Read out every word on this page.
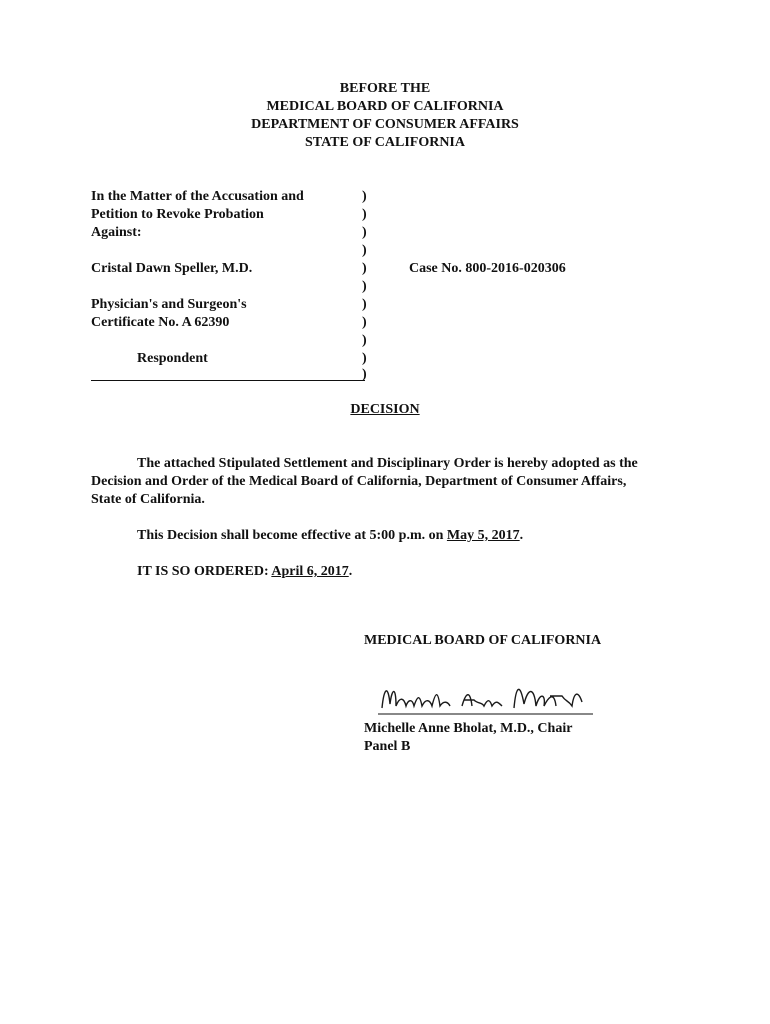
BEFORE THE
MEDICAL BOARD OF CALIFORNIA
DEPARTMENT OF CONSUMER AFFAIRS
STATE OF CALIFORNIA
In the Matter of the Accusation and
Petition to Revoke Probation
Against:
Cristal Dawn Speller, M.D.
Physician's and Surgeon's
Certificate No. A 62390
Respondent
)
)
)
)
)
)
)
)
)
)
)
Case No. 800-2016-020306
DECISION
The attached Stipulated Settlement and Disciplinary Order is hereby adopted as the Decision and Order of the Medical Board of California, Department of Consumer Affairs, State of California.
This Decision shall become effective at 5:00 p.m. on May 5, 2017.
IT IS SO ORDERED: April 6, 2017.
MEDICAL BOARD OF CALIFORNIA
Michelle Anne Bholat, M.D., Chair
Panel B
